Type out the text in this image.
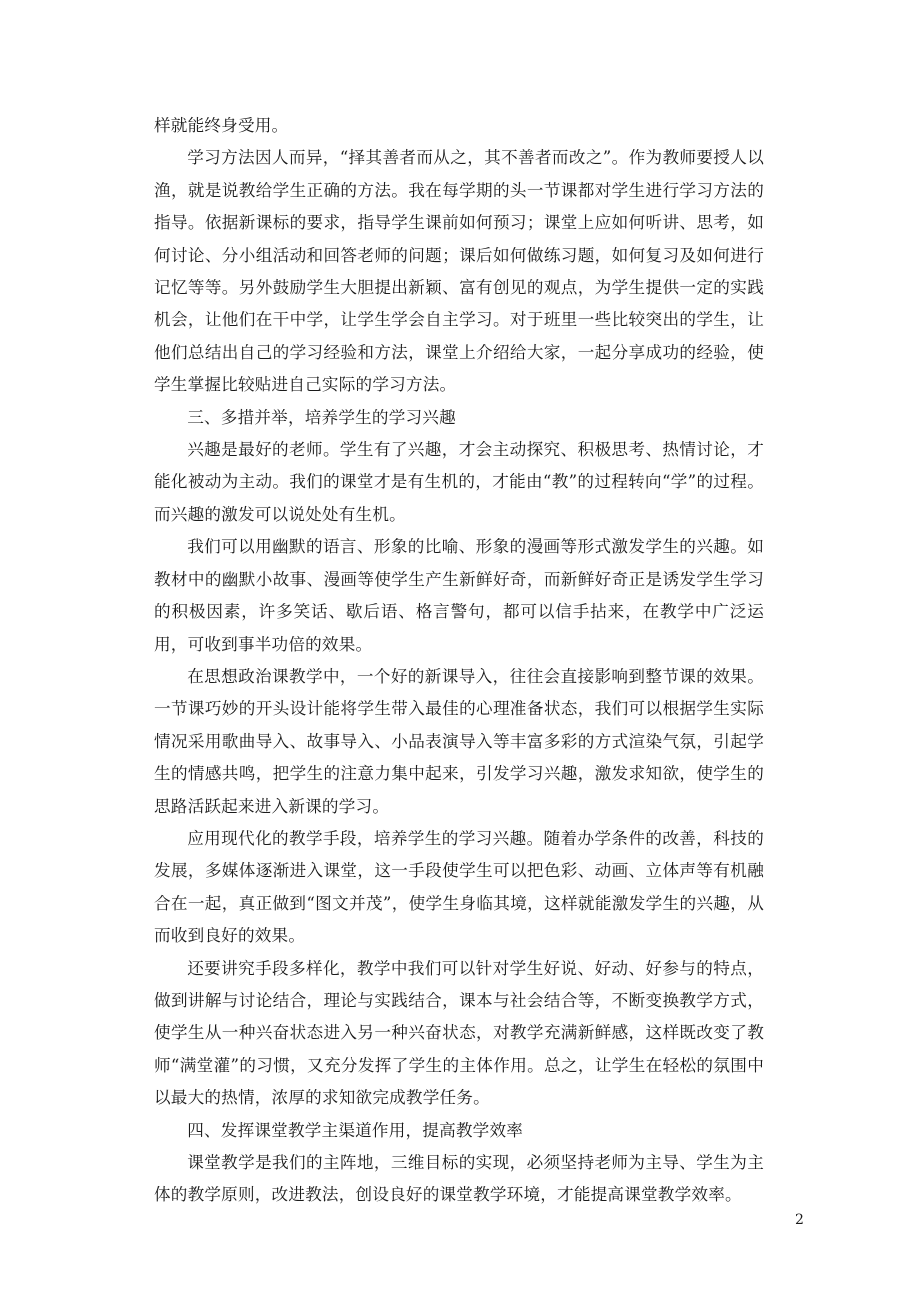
样就能终身受用。

学习方法因人而异，“择其善者而从之，其不善者而改之”。作为教师要授人以渔，就是说教给学生正确的方法。我在每学期的头一节课都对学生进行学习方法的指导。依据新课标的要求，指导学生课前如何预习；课堂上应如何听讲、思考，如何讨论、分小组活动和回答老师的问题；课后如何做练习题，如何复习及如何进行记忆等等。另外鼓励学生大胆提出新颖、富有创见的观点，为学生提供一定的实践机会，让他们在干中学，让学生学会自主学习。对于班里一些比较突出的学生，让他们总结出自己的学习经验和方法，课堂上介绍给大家，一起分享成功的经验，使学生掌握比较贴进自己实际的学习方法。

三、多措并举，培养学生的学习兴趣

兴趣是最好的老师。学生有了兴趣，才会主动探究、积极思考、热情讨论，才能化被动为主动。我们的课堂才是有生机的，才能由“教”的过程转向“学”的过程。而兴趣的激发可以说处处有生机。

我们可以用幽默的语言、形象的比喻、形象的漫画等形式激发学生的兴趣。如教材中的幽默小故事、漫画等使学生产生新鲜好奇，而新鲜好奇正是诱发学生学习的积极因素，许多笑话、歇后语、格言警句，都可以信手拈来，在教学中广泛运用，可收到事半功倍的效果。

在思想政治课教学中，一个好的新课导入，往往会直接影响到整节课的效果。一节课巧妙的开头设计能将学生带入最佳的心理准备状态，我们可以根据学生实际情况采用歌曲导入、故事导入、小品表演导入等丰富多彩的方式渲染气氛，引起学生的情感共鸣，把学生的注意力集中起来，引发学习兴趣，激发求知欲，使学生的思路活跃起来进入新课的学习。

应用现代化的教学手段，培养学生的学习兴趣。随着办学条件的改善，科技的发展，多媒体逐渐进入课堂，这一手段使学生可以把色彩、动画、立体声等有机融合在一起，真正做到“图文并茂”，使学生身临其境，这样就能激发学生的兴趣，从而收到良好的效果。

还要讲究手段多样化，教学中我们可以针对学生好说、好动、好参与的特点，做到讲解与讨论结合，理论与实践结合，课本与社会结合等，不断变换教学方式，使学生从一种兴奋状态进入另一种兴奋状态，对教学充满新鲜感，这样既改变了教师“满堂灌”的习惯，又充分发挥了学生的主体作用。总之，让学生在轻松的氛围中以最大的热情，浓厚的求知欲完成教学任务。

四、发挥课堂教学主渠道作用，提高教学效率

课堂教学是我们的主阵地，三维目标的实现，必须坚持老师为主导、学生为主体的教学原则，改进教法，创设良好的课堂教学环境，才能提高课堂教学效率。

2
